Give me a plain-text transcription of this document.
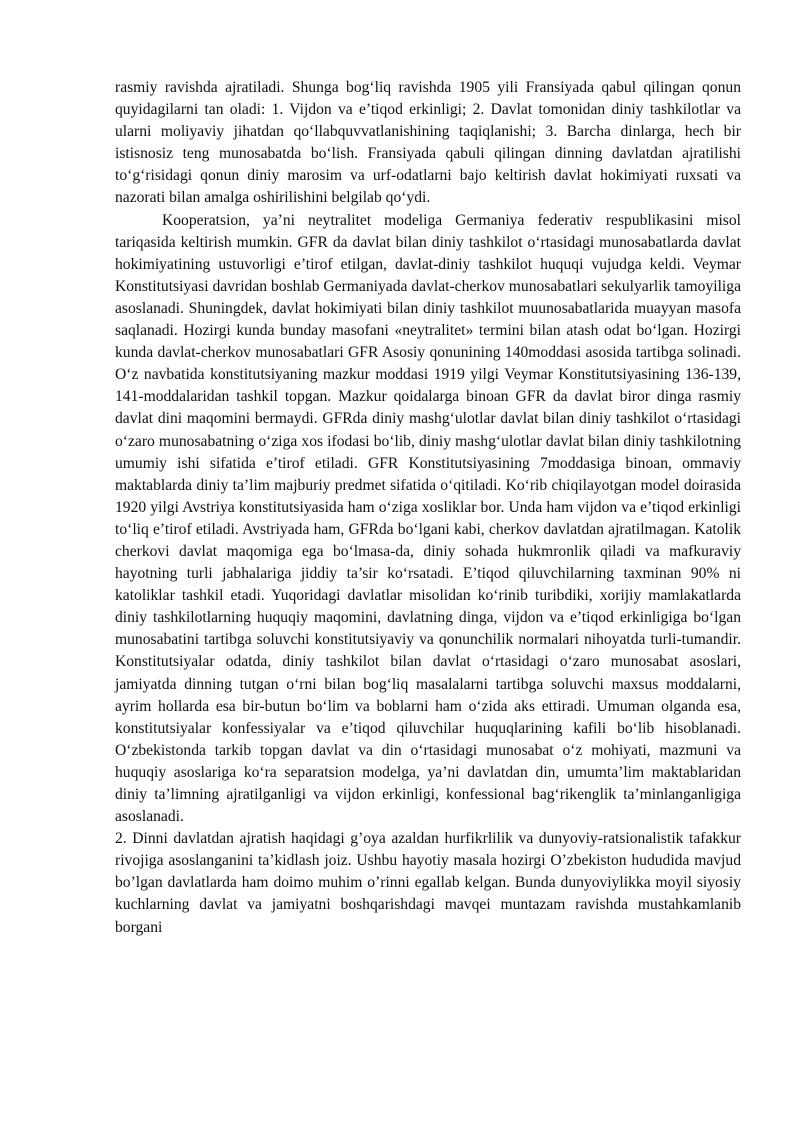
rasmiy ravishda ajratiladi. Shunga bog‘liq ravishda 1905 yili Fransiyada qabul qilingan qonun quyidagilarni tan oladi: 1. Vijdon va e’tiqod erkinligi; 2. Davlat tomonidan diniy tashkilotlar va ularni moliyaviy jihatdan qo‘llabquvvatlanishining taqiqlanishi; 3. Barcha dinlarga, hech bir istisnosiz teng munosabatda bo‘lish. Fransiyada qabuli qilingan dinning davlatdan ajratilishi to‘g‘risidagi qonun diniy marosim va urf-odatlarni bajo keltirish davlat hokimiyati ruxsati va nazorati bilan amalga oshirilishini belgilab qo‘ydi.

Kooperatsion, ya’ni neytralitet modeliga Germaniya federativ respublikasini misol tariqasida keltirish mumkin. GFR da davlat bilan diniy tashkilot o‘rtasidagi munosabatlarda davlat hokimiyatining ustuvorligi e’tirof etilgan, davlat-diniy tashkilot huquqi vujudga keldi. Veymar Konstitutsiyasi davridan boshlab Germaniyada davlat-cherkov munosabatlari sekulyarlik tamoyiliga asoslanadi. Shuningdek, davlat hokimiyati bilan diniy tashkilot muunosabatlarida muayyan masofa saqlanadi. Hozirgi kunda bunday masofani «neytralitet» termini bilan atash odat bo‘lgan. Hozirgi kunda davlat-cherkov munosabatlari GFR Asosiy qonunining 140moddasi asosida tartibga solinadi. O‘z navbatida konstitutsiyaning mazkur moddasi 1919 yilgi Veymar Konstitutsiyasining 136-139, 141-moddalaridan tashkil topgan. Mazkur qoidalarga binoan GFR da davlat biror dinga rasmiy davlat dini maqomini bermaydi. GFRda diniy mashg‘ulotlar davlat bilan diniy tashkilot o‘rtasidagi o‘zaro munosabatning o‘ziga xos ifodasi bo‘lib, diniy mashg‘ulotlar davlat bilan diniy tashkilotning umumiy ishi sifatida e’tirof etiladi. GFR Konstitutsiyasining 7moddasiga binoan, ommaviy maktablarda diniy ta’lim majburiy predmet sifatida o‘qitiladi. Ko‘rib chiqilayotgan model doirasida 1920 yilgi Avstriya konstitutsiyasida ham o‘ziga xosliklar bor. Unda ham vijdon va e’tiqod erkinligi to‘liq e’tirof etiladi. Avstriyada ham, GFRda bo‘lgani kabi, cherkov davlatdan ajratilmagan. Katolik cherkovi davlat maqomiga ega bo‘lmasa-da, diniy sohada hukmronlik qiladi va mafkuraviy hayotning turli jabhalariga jiddiy ta’sir ko‘rsatadi. E’tiqod qiluvchilarning taxminan 90% ni katoliklar tashkil etadi. Yuqoridagi davlatlar misolidan ko‘rinib turibdiki, xorijiy mamlakatlarda diniy tashkilotlarning huquqiy maqomini, davlatning dinga, vijdon va e’tiqod erkinligiga bo‘lgan munosabatini tartibga soluvchi konstitutsiyaviy va qonunchilik normalari nihoyatda turli-tumandir. Konstitutsiyalar odatda, diniy tashkilot bilan davlat o‘rtasidagi o‘zaro munosabat asoslari, jamiyatda dinning tutgan o‘rni bilan bog‘liq masalalarni tartibga soluvchi maxsus moddalarni, ayrim hollarda esa bir-butun bo‘lim va boblarni ham o‘zida aks ettiradi. Umuman olganda esa, konstitutsiyalar konfessiyalar va e’tiqod qiluvchilar huquqlarining kafili bo‘lib hisoblanadi. O‘zbekistonda tarkib topgan davlat va din o‘rtasidagi munosabat o‘z mohiyati, mazmuni va huquqiy asoslariga ko‘ra separatsion modelga, ya’ni davlatdan din, umumta’lim maktablaridan diniy ta’limning ajratilganligi va vijdon erkinligi, konfessional bag‘rikenglik ta’minlanganligiga asoslanadi.

2. Dinni davlatdan ajratish haqidagi g’oya azaldan hurfikrlilik va dunyoviy-ratsionalistik tafakkur rivojiga asoslanganini ta’kidlash joiz. Ushbu hayotiy masala hozirgi O’zbekiston hududida mavjud bo’lgan davlatlarda ham doimo muhim o’rinni egallab kelgan. Bunda dunyoviylikka moyil siyosiy kuchlarning davlat va jamiyatni boshqarishdagi mavqei muntazam ravishda mustahkamlanib borgani
